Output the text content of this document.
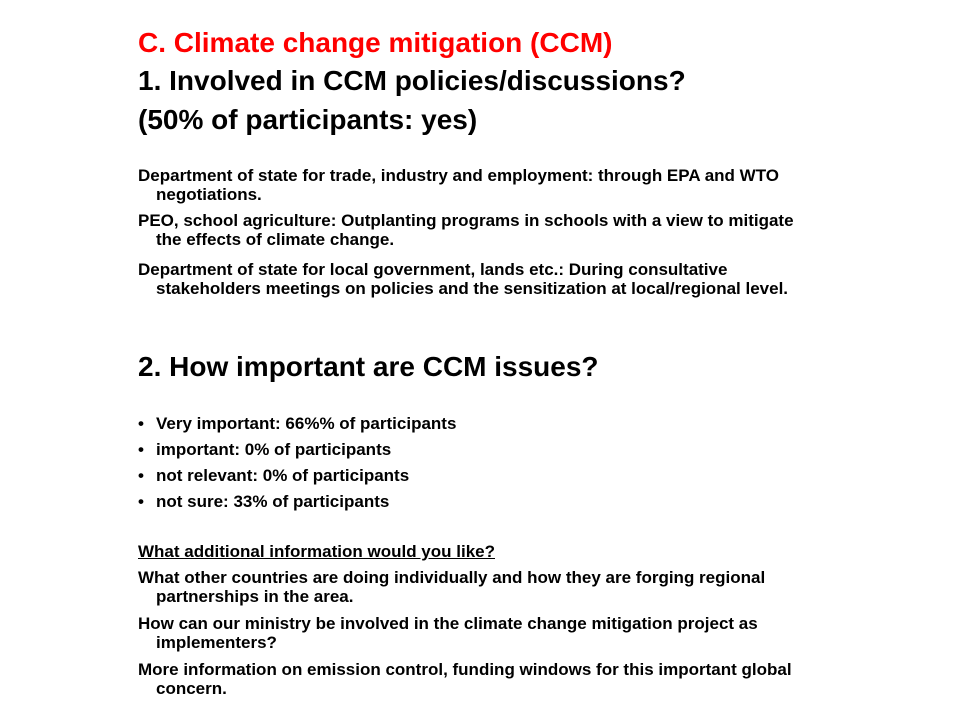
C. Climate change mitigation (CCM)
1. Involved in CCM policies/discussions?
(50% of participants: yes)

Department of state for trade, industry and employment: through EPA and WTO negotiations.

PEO, school agriculture: Outplanting programs in schools with a view to mitigate the effects of climate change.

Department of state for local government, lands etc.: During consultative stakeholders meetings on policies and the sensitization at local/regional level.

2. How important are CCM issues?
• Very important: 66%% of participants
• important: 0% of participants
• not relevant: 0% of participants
• not sure: 33% of participants

What additional information would you like?

What other countries are doing individually and how they are forging regional partnerships in the area.

How can our ministry be involved in the climate change mitigation project as implementers?

More information on emission control, funding windows for this important global concern.
